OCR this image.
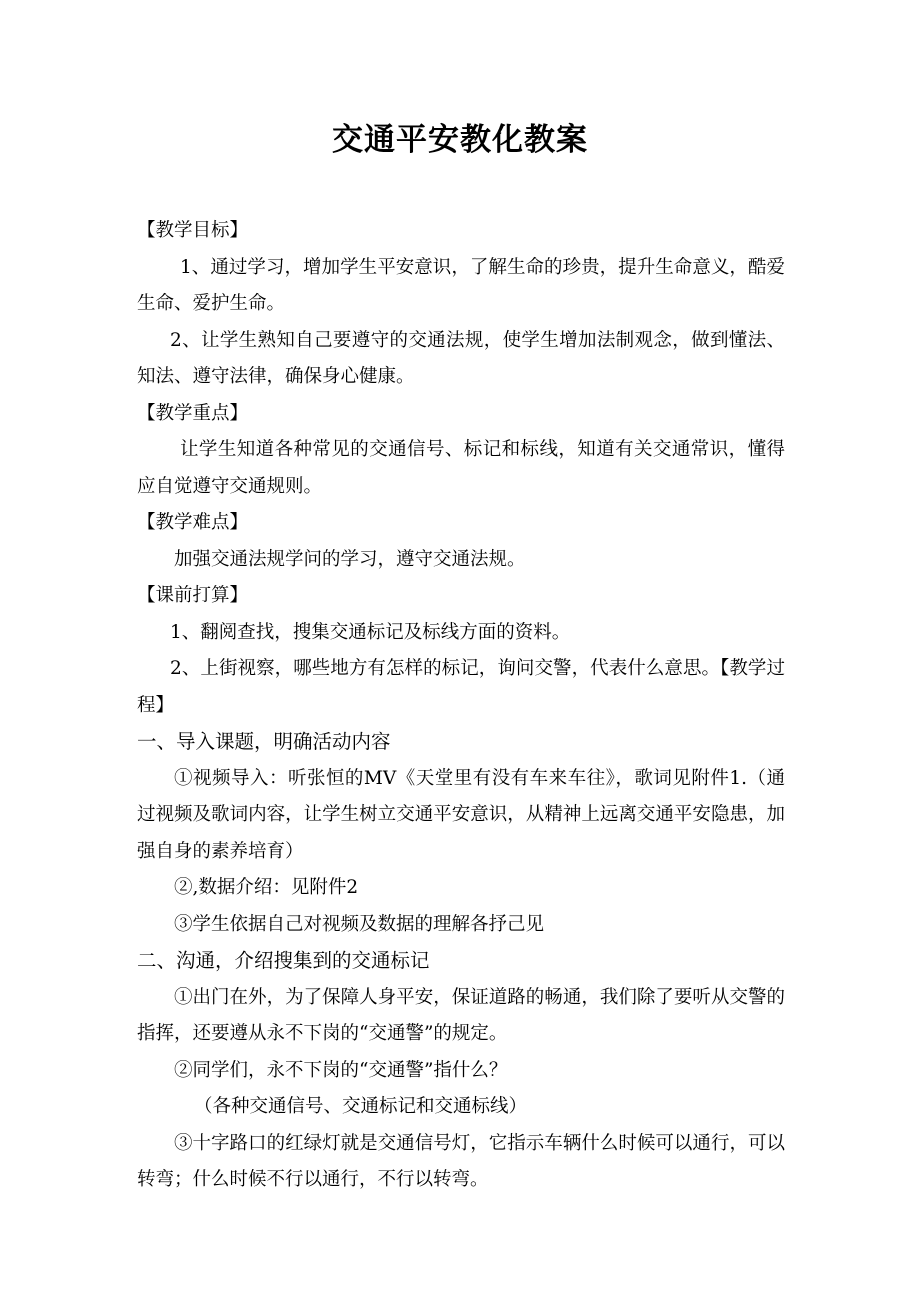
交通平安教化教案

【教学目标】

1、通过学习，增加学生平安意识，了解生命的珍贵，提升生命意义，酷爱生命、爱护生命。

2、让学生熟知自己要遵守的交通法规，使学生增加法制观念，做到懂法、知法、遵守法律，确保身心健康。

【教学重点】

让学生知道各种常见的交通信号、标记和标线，知道有关交通常识，懂得应自觉遵守交通规则。

【教学难点】

加强交通法规学问的学习，遵守交通法规。

【课前打算】

1、翻阅查找，搜集交通标记及标线方面的资料。

2、上街视察，哪些地方有怎样的标记，询问交警，代表什么意思。【教学过程】

一、导入课题，明确活动内容

①视频导入：听张恒的MV《天堂里有没有车来车往》，歌词见附件1.（通过视频及歌词内容，让学生树立交通平安意识，从精神上远离交通平安隐患，加强自身的素养培育）

②,数据介绍：见附件2

③学生依据自己对视频及数据的理解各抒己见

二、沟通，介绍搜集到的交通标记

①出门在外，为了保障人身平安，保证道路的畅通，我们除了要听从交警的指挥，还要遵从永不下岗的“交通警”的规定。

②同学们，永不下岗的“交通警”指什么？

（各种交通信号、交通标记和交通标线）

③十字路口的红绿灯就是交通信号灯，它指示车辆什么时候可以通行，可以转弯；什么时候不行以通行，不行以转弯。
